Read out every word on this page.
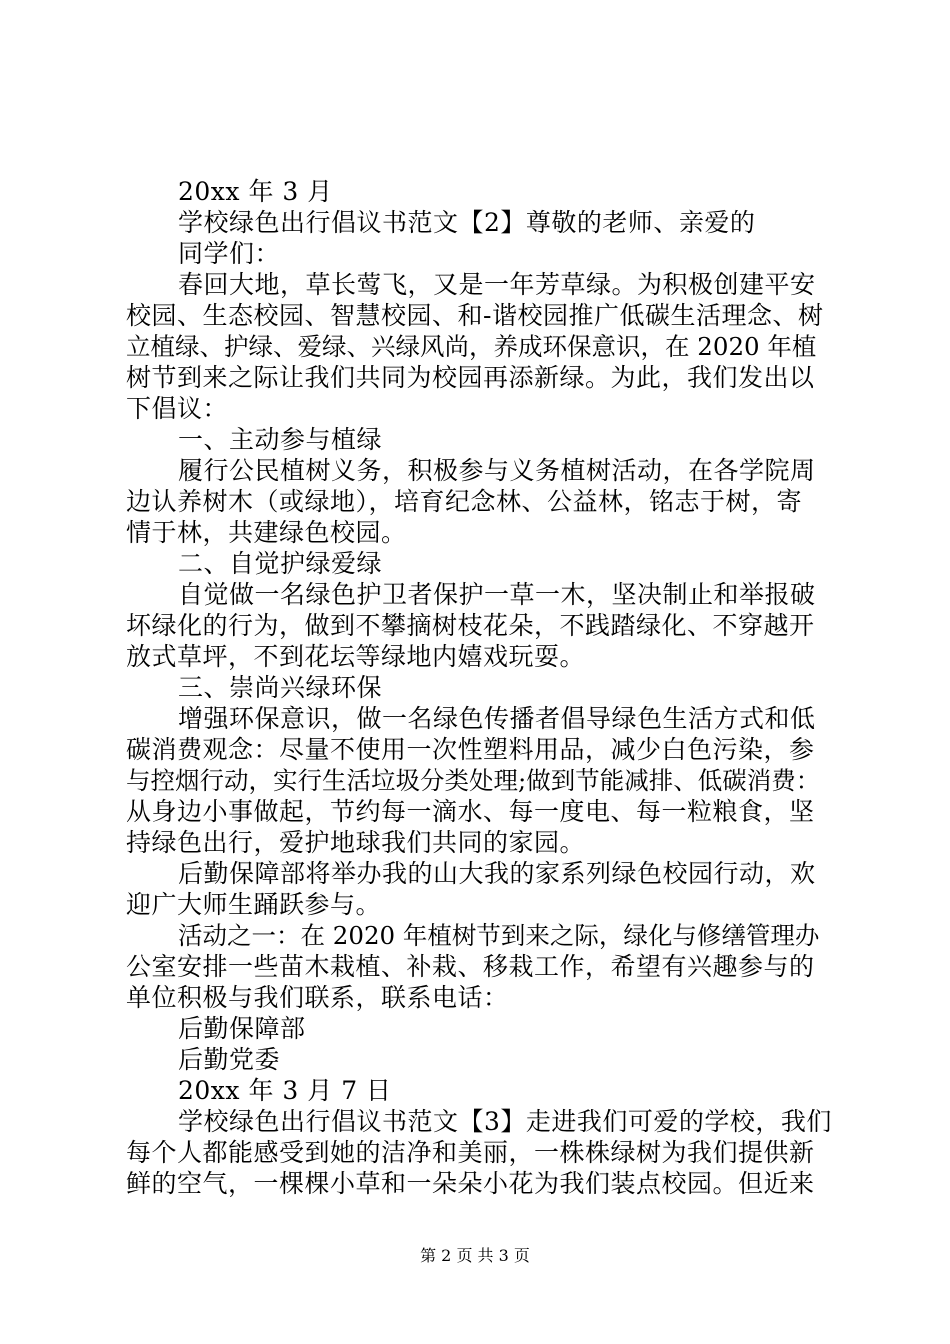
20xx 年 3 月
学校绿色出行倡议书范文【2】尊敬的老师、亲爱的
同学们：
春回大地，草长莺飞，又是一年芳草绿。为积极创建平安
校园、生态校园、智慧校园、和-谐校园推广低碳生活理念、树
立植绿、护绿、爱绿、兴绿风尚，养成环保意识，在 2020 年植
树节到来之际让我们共同为校园再添新绿。为此，我们发出以
下倡议：
一、主动参与植绿
履行公民植树义务，积极参与义务植树活动，在各学院周
边认养树木（或绿地），培育纪念林、公益林，铭志于树，寄
情于林，共建绿色校园。
二、自觉护绿爱绿
自觉做一名绿色护卫者保护一草一木，坚决制止和举报破
坏绿化的行为，做到不攀摘树枝花朵，不践踏绿化、不穿越开
放式草坪，不到花坛等绿地内嬉戏玩耍。
三、崇尚兴绿环保
增强环保意识，做一名绿色传播者倡导绿色生活方式和低
碳消费观念：尽量不使用一次性塑料用品，减少白色污染，参
与控烟行动，实行生活垃圾分类处理;做到节能减排、低碳消费：
从身边小事做起，节约每一滴水、每一度电、每一粒粮食，坚
持绿色出行，爱护地球我们共同的家园。
后勤保障部将举办我的山大我的家系列绿色校园行动，欢
迎广大师生踊跃参与。
活动之一：在 2020 年植树节到来之际，绿化与修缮管理办
公室安排一些苗木栽植、补栽、移栽工作，希望有兴趣参与的
单位积极与我们联系，联系电话：
后勤保障部
后勤党委
20xx 年 3 月 7 日
学校绿色出行倡议书范文【3】走进我们可爱的学校，我们
每个人都能感受到她的洁净和美丽，一株株绿树为我们提供新
鲜的空气，一棵棵小草和一朵朵小花为我们装点校园。但近来
第 2 页 共 3 页
